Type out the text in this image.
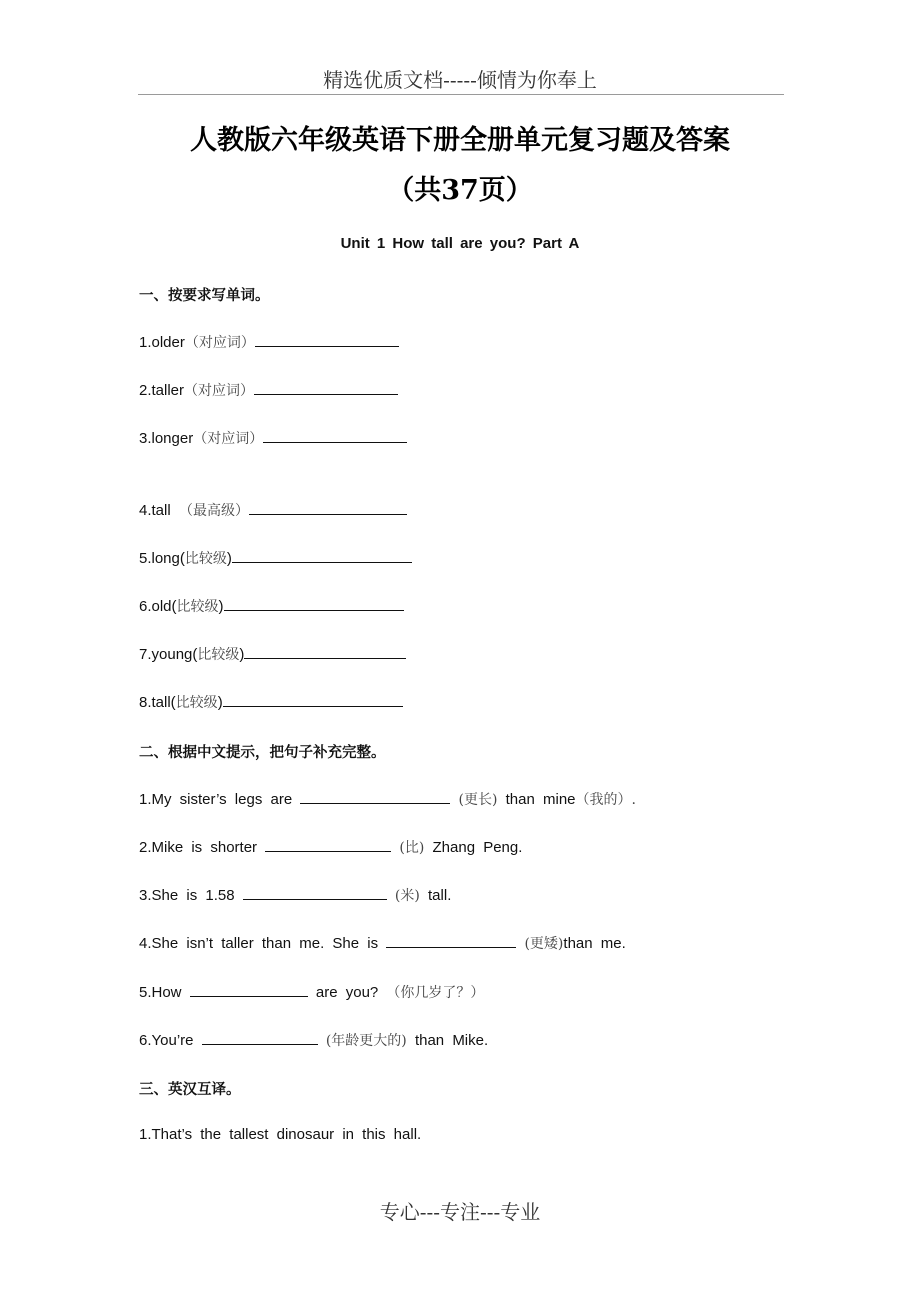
精选优质文档-----倾情为你奉上
人教版六年级英语下册全册单元复习题及答案
（共37页）
Unit 1 How tall are you? Part A
一、按要求写单词。
1.older（对应词）
2.taller（对应词）
3.longer（对应词）
4.tall （最高级）
5.long(比较级)
6.old(比较级)
7.young(比较级)
8.tall(比较级)
二、根据中文提示，把句子补充完整。
1.My sister’s legs are	(更长) than mine（我的）.
2.Mike is shorter	(比) Zhang Peng.
3.She is 1.58	(米) tall.
4.She isn’t taller than me. She is	(更矮)than me.
5.How	are you? （你几岁了？）
6.You’re	(年龄更大的) than Mike.
三、英汉互译。
1.That’s the tallest dinosaur in this hall.
专心---专注---专业
